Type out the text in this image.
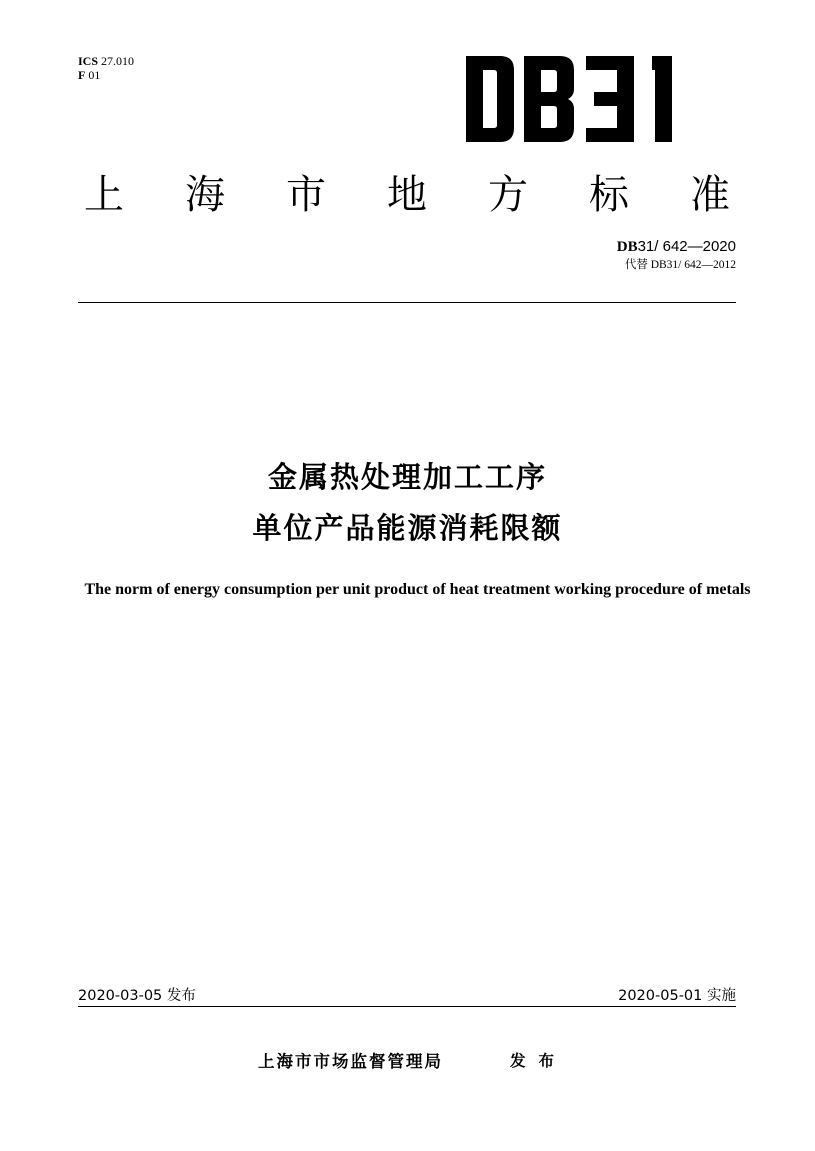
ICS 27.010
F 01
上 海 市 地 方 标 准
DB31/ 642—2020
代替 DB31/ 642—2012
金属热处理加工工序
单位产品能源消耗限额
The norm of energy consumption per unit product of heat treatment working procedure of metals
2020-03-05 发布	2020-05-01 实施
上海市市场监督管理局	发布
